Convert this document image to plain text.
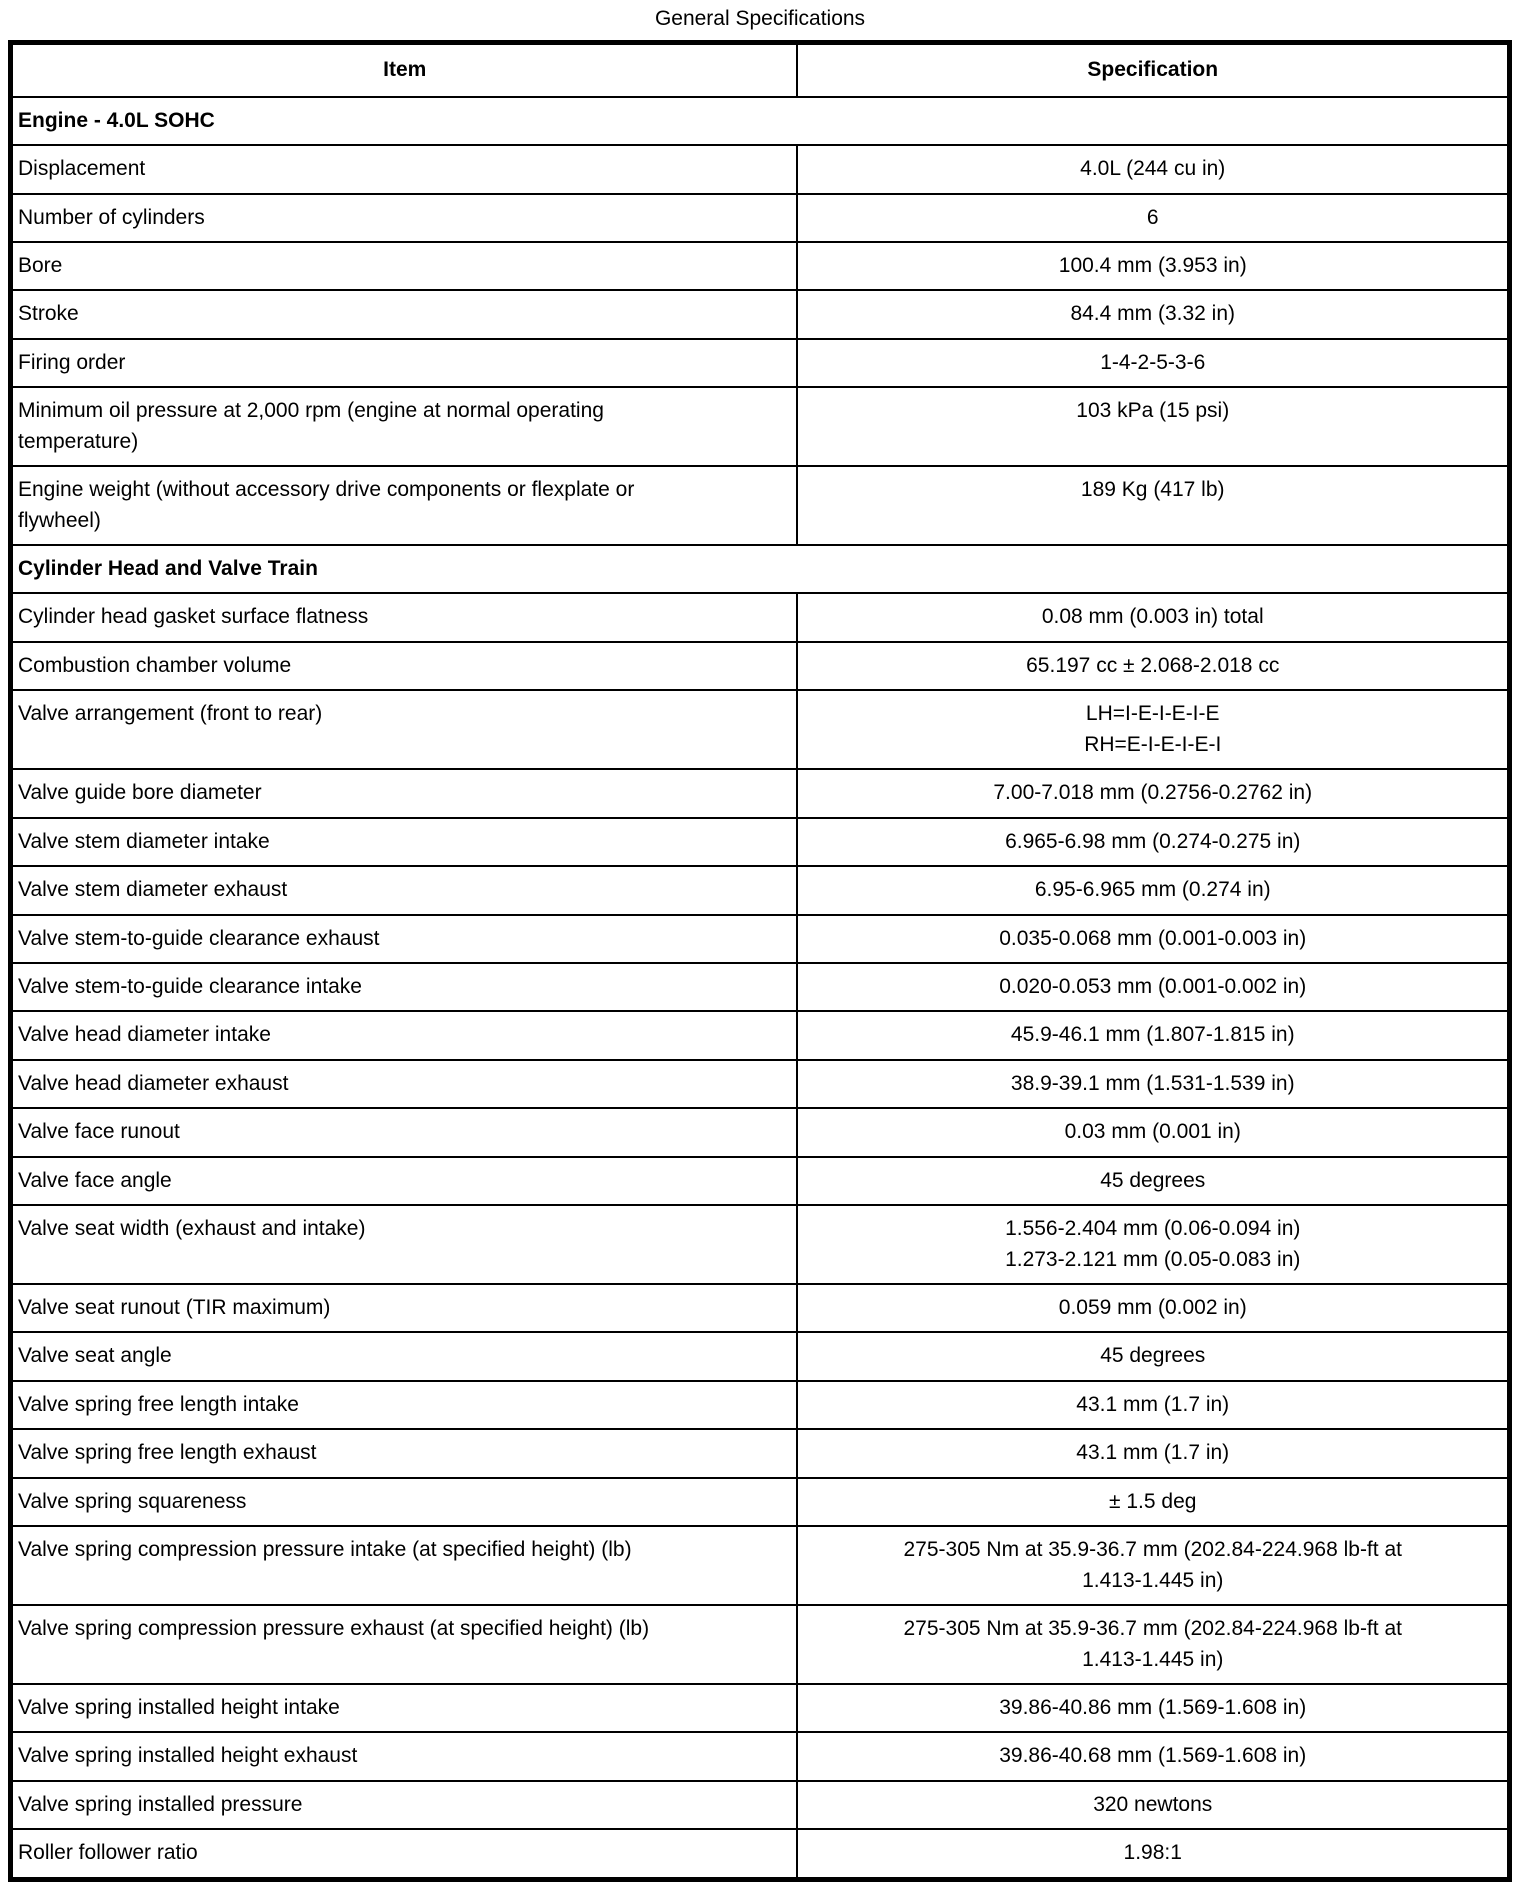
General Specifications
Item	Specification
Engine - 4.0L SOHC	
Displacement	4.0L (244 cu in)
Number of cylinders	6
Bore	100.4 mm (3.953 in)
Stroke	84.4 mm (3.32 in)
Firing order	1-4-2-5-3-6
Minimum oil pressure at 2,000 rpm (engine at normal operating
temperature)	103 kPa (15 psi)
Engine weight (without accessory drive components or flexplate or
flywheel)	189 Kg (417 lb)
Cylinder Head and Valve Train	
Cylinder head gasket surface flatness	0.08 mm (0.003 in) total
Combustion chamber volume	65.197 cc ± 2.068-2.018 cc
Valve arrangement (front to rear)	LH=I-E-I-E-I-E
RH=E-I-E-I-E-I
Valve guide bore diameter	7.00-7.018 mm (0.2756-0.2762 in)
Valve stem diameter intake	6.965-6.98 mm (0.274-0.275 in)
Valve stem diameter exhaust	6.95-6.965 mm (0.274 in)
Valve stem-to-guide clearance exhaust	0.035-0.068 mm (0.001-0.003 in)
Valve stem-to-guide clearance intake	0.020-0.053 mm (0.001-0.002 in)
Valve head diameter intake	45.9-46.1 mm (1.807-1.815 in)
Valve head diameter exhaust	38.9-39.1 mm (1.531-1.539 in)
Valve face runout	0.03 mm (0.001 in)
Valve face angle	45 degrees
Valve seat width (exhaust and intake)	1.556-2.404 mm (0.06-0.094 in)
1.273-2.121 mm (0.05-0.083 in)
Valve seat runout (TIR maximum)	0.059 mm (0.002 in)
Valve seat angle	45 degrees
Valve spring free length intake	43.1 mm (1.7 in)
Valve spring free length exhaust	43.1 mm (1.7 in)
Valve spring squareness	± 1.5 deg
Valve spring compression pressure intake (at specified height) (lb)	275-305 Nm at 35.9-36.7 mm (202.84-224.968 lb-ft at
1.413-1.445 in)
Valve spring compression pressure exhaust (at specified height) (lb)	275-305 Nm at 35.9-36.7 mm (202.84-224.968 lb-ft at
1.413-1.445 in)
Valve spring installed height intake	39.86-40.86 mm (1.569-1.608 in)
Valve spring installed height exhaust	39.86-40.68 mm (1.569-1.608 in)
Valve spring installed pressure	320 newtons
Roller follower ratio	1.98:1
